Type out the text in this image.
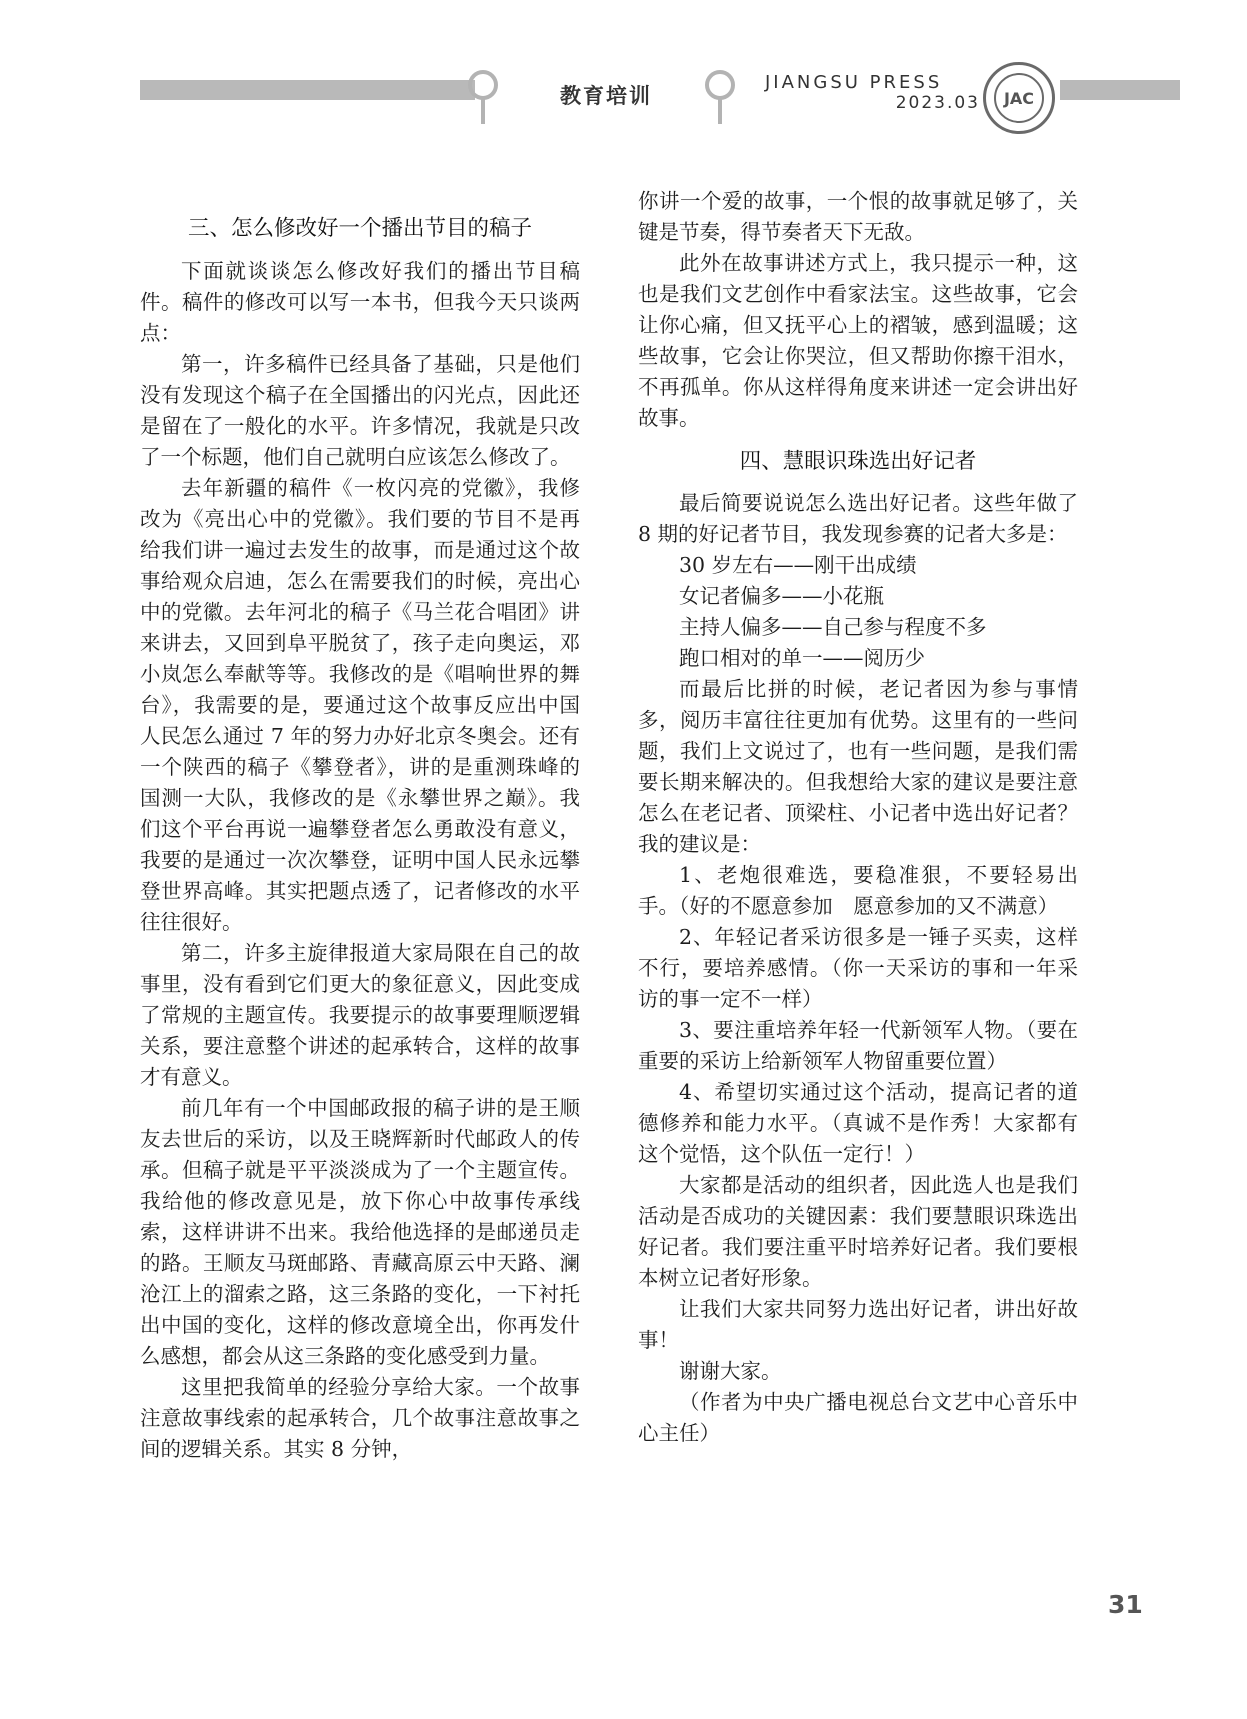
教育培训
JIANGSU PRESS
2023.03	JAC
三、怎么修改好一个播出节目的稿子

下面就谈谈怎么修改好我们的播出节目稿件。稿件的修改可以写一本书，但我今天只谈两点：

第一，许多稿件已经具备了基础，只是他们没有发现这个稿子在全国播出的闪光点，因此还是留在了一般化的水平。许多情况，我就是只改了一个标题，他们自己就明白应该怎么修改了。

去年新疆的稿件《一枚闪亮的党徽》，我修改为《亮出心中的党徽》。我们要的节目不是再给我们讲一遍过去发生的故事，而是通过这个故事给观众启迪，怎么在需要我们的时候，亮出心中的党徽。去年河北的稿子《马兰花合唱团》讲来讲去，又回到阜平脱贫了，孩子走向奥运，邓小岚怎么奉献等等。我修改的是《唱响世界的舞台》，我需要的是，要通过这个故事反应出中国人民怎么通过 7 年的努力办好北京冬奥会。还有一个陕西的稿子《攀登者》，讲的是重测珠峰的国测一大队，我修改的是《永攀世界之巅》。我们这个平台再说一遍攀登者怎么勇敢没有意义，我要的是通过一次次攀登，证明中国人民永远攀登世界高峰。其实把题点透了，记者修改的水平往往很好。

第二，许多主旋律报道大家局限在自己的故事里，没有看到它们更大的象征意义，因此变成了常规的主题宣传。我要提示的故事要理顺逻辑关系，要注意整个讲述的起承转合，这样的故事才有意义。

前几年有一个中国邮政报的稿子讲的是王顺友去世后的采访，以及王晓辉新时代邮政人的传承。但稿子就是平平淡淡成为了一个主题宣传。我给他的修改意见是，放下你心中故事传承线索，这样讲讲不出来。我给他选择的是邮递员走的路。王顺友马斑邮路、青藏高原云中天路、澜沧江上的溜索之路，这三条路的变化，一下衬托出中国的变化，这样的修改意境全出，你再发什么感想，都会从这三条路的变化感受到力量。

这里把我简单的经验分享给大家。一个故事注意故事线索的起承转合，几个故事注意故事之间的逻辑关系。其实 8 分钟，

你讲一个爱的故事，一个恨的故事就足够了，关键是节奏，得节奏者天下无敌。

此外在故事讲述方式上，我只提示一种，这也是我们文艺创作中看家法宝。这些故事，它会让你心痛，但又抚平心上的褶皱，感到温暖；这些故事，它会让你哭泣，但又帮助你擦干泪水，不再孤单。你从这样得角度来讲述一定会讲出好故事。

四、慧眼识珠选出好记者

最后简要说说怎么选出好记者。这些年做了 8 期的好记者节目，我发现参赛的记者大多是：

30 岁左右——刚干出成绩

女记者偏多——小花瓶

主持人偏多——自己参与程度不多

跑口相对的单一——阅历少

而最后比拼的时候，老记者因为参与事情多，阅历丰富往往更加有优势。这里有的一些问题，我们上文说过了，也有一些问题，是我们需要长期来解决的。但我想给大家的建议是要注意怎么在老记者、顶梁柱、小记者中选出好记者？我的建议是：

1、老炮很难选，要稳准狠，不要轻易出手。（好的不愿意参加　愿意参加的又不满意）

2、年轻记者采访很多是一锤子买卖，这样不行，要培养感情。（你一天采访的事和一年采访的事一定不一样）

3、要注重培养年轻一代新领军人物。（要在重要的采访上给新领军人物留重要位置）

4、希望切实通过这个活动，提高记者的道德修养和能力水平。（真诚不是作秀！大家都有这个觉悟，这个队伍一定行！）

大家都是活动的组织者，因此选人也是我们活动是否成功的关键因素：我们要慧眼识珠选出好记者。我们要注重平时培养好记者。我们要根本树立记者好形象。

让我们大家共同努力选出好记者，讲出好故事！

谢谢大家。

（作者为中央广播电视总台文艺中心音乐中心主任）

31
